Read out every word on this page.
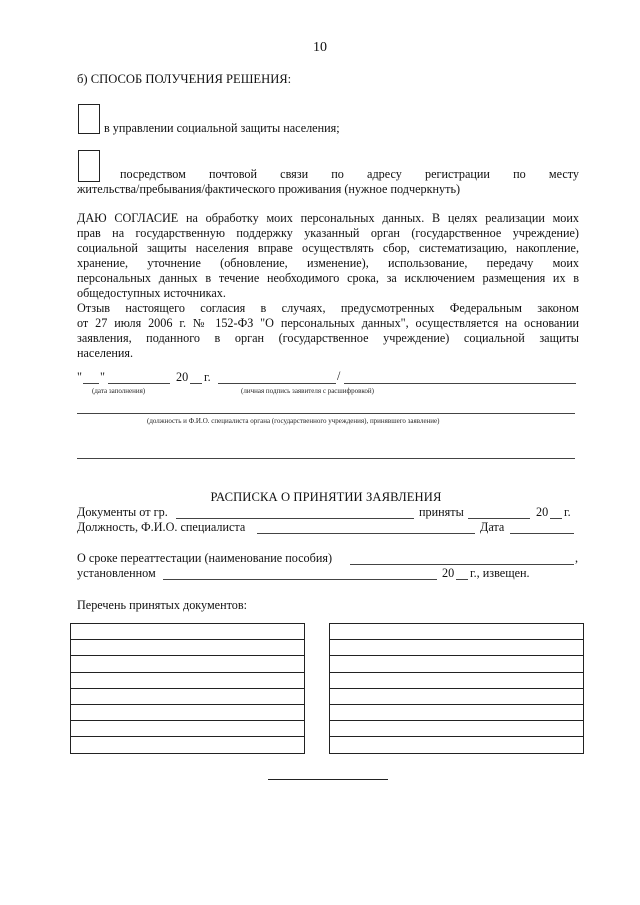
10
б) СПОСОБ ПОЛУЧЕНИЯ РЕШЕНИЯ:
в управлении социальной защиты населения;
посредством почтовой связи по адресу регистрации по месту
жительства/пребывания/фактического проживания (нужное подчеркнуть)
ДАЮ СОГЛАСИЕ на обработку моих персональных данных. В целях реализации моих
прав на государственную поддержку указанный орган (государственное учреждение)
социальной защиты населения вправе осуществлять сбор, систематизацию, накопление,
хранение, уточнение (обновление, изменение), использование, передачу моих
персональных данных в течение необходимого срока, за исключением размещения их в
общедоступных источниках.
Отзыв настоящего согласия в случаях, предусмотренных Федеральным законом
от 27 июля 2006 г. № 152-ФЗ "О персональных данных", осуществляется на основании
заявления, поданного в орган (государственное учреждение) социальной защиты
населения.
" "	20 г.	/
(дата заполнения)	(личная подпись заявителя с расшифровкой)
(должность и Ф.И.О. специалиста органа (государственного учреждения), принявшего заявление)
РАСПИСКА О ПРИНЯТИИ ЗАЯВЛЕНИЯ
Документы от гр.	приняты	20 г.
Должность, Ф.И.О. специалиста	Дата
О сроке переаттестации (наименование пособия)	,
установленном	20 г., извещен.
Перечень принятых документов:
